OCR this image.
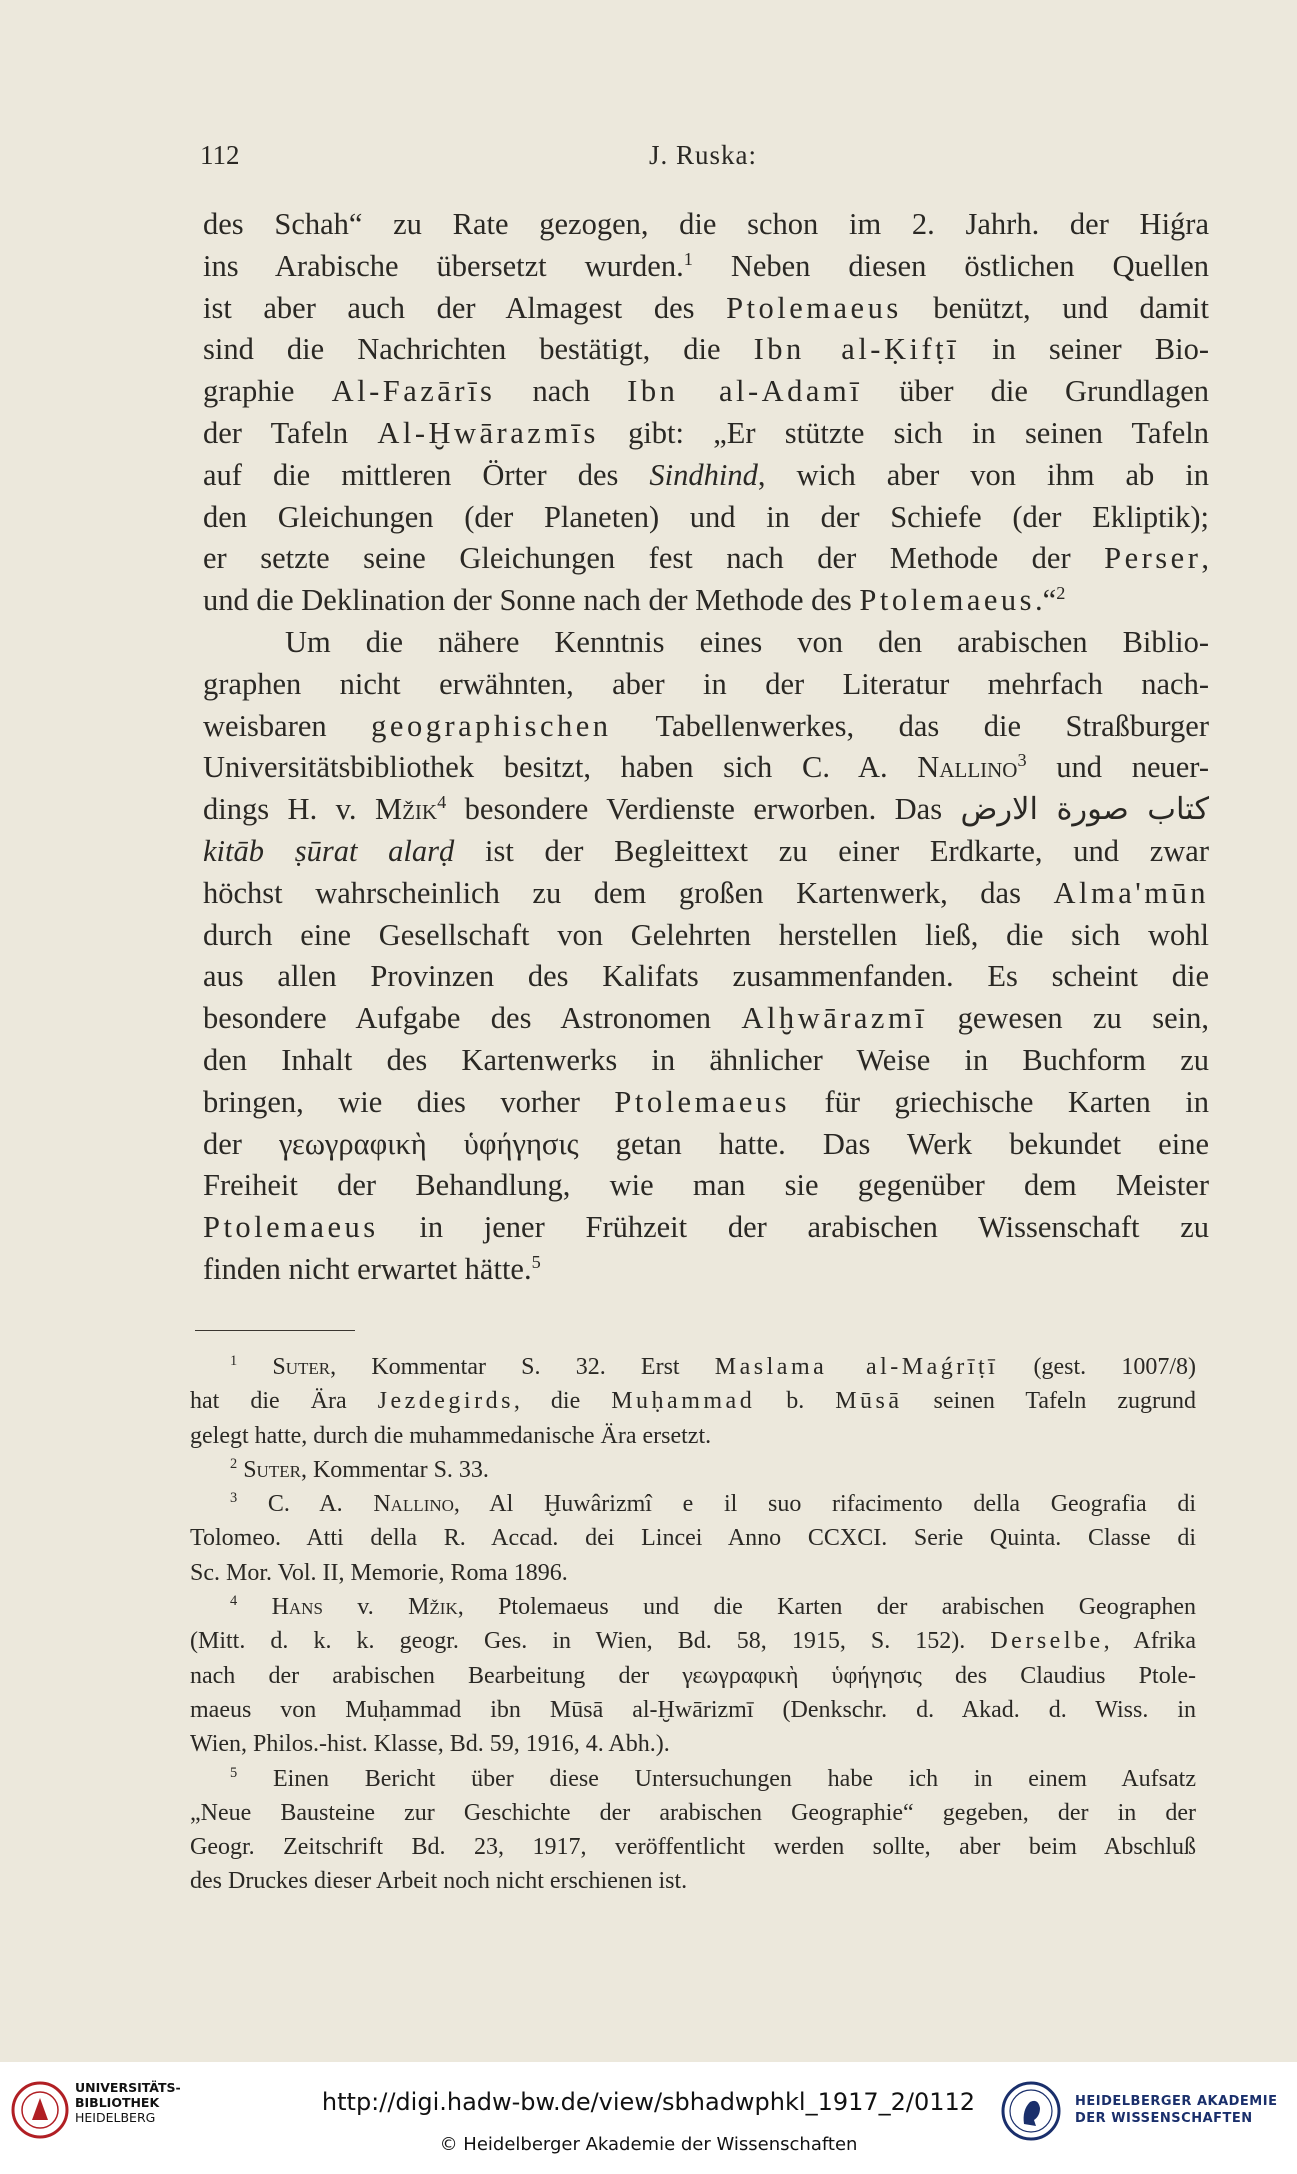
112	J. Ruska:

des Schah“ zu Rate gezogen, die schon im 2. Jahrh. der Hiǵra
ins Arabische übersetzt wurden.$^1$ Neben diesen östlichen Quellen
ist aber auch der Almagest des Ptolemaeus benützt, und damit
sind die Nachrichten bestätigt, die Ibn al-Ḳifṭī in seiner Bio-
graphie Al-Fazārīs nach Ibn al-Adamī über die Grundlagen
der Tafeln Al-Ḫwārazmīs gibt: „Er stützte sich in seinen Tafeln
auf die mittleren Örter des Sindhind, wich aber von ihm ab in
den Gleichungen (der Planeten) und in der Schiefe (der Ekliptik);
er setzte seine Gleichungen fest nach der Methode der Perser,
und die Deklination der Sonne nach der Methode des Ptolemaeus.“$^2$

Um die nähere Kenntnis eines von den arabischen Biblio-
graphen nicht erwähnten, aber in der Literatur mehrfach nach-
weisbaren geographischen Tabellenwerkes, das die Straßburger
Universitätsbibliothek besitzt, haben sich C. A. Nallino$^3$ und neuer-
dings H. v. Mžik$^4$ besondere Verdienste erworben. Das كتاب صورة الارض
kitāb ṣūrat alarḍ ist der Begleittext zu einer Erdkarte, und zwar
höchst wahrscheinlich zu dem großen Kartenwerk, das Alma'mūn
durch eine Gesellschaft von Gelehrten herstellen ließ, die sich wohl
aus allen Provinzen des Kalifats zusammenfanden. Es scheint die
besondere Aufgabe des Astronomen Alḫwārazmī gewesen zu sein,
den Inhalt des Kartenwerks in ähnlicher Weise in Buchform zu
bringen, wie dies vorher Ptolemaeus für griechische Karten in
der γεωγραφικὴ ὑφήγησις getan hatte. Das Werk bekundet eine
Freiheit der Behandlung, wie man sie gegenüber dem Meister
Ptolemaeus in jener Frühzeit der arabischen Wissenschaft zu
finden nicht erwartet hätte.$^5$

$^1$ Suter, Kommentar S. 32. Erst Maslama al-Maǵrīṭī (gest. 1007/8)
hat die Ära Jezdegirds, die Muḥammad b. Mūsā seinen Tafeln zugrund
gelegt hatte, durch die muhammedanische Ära ersetzt.

$^2$ Suter, Kommentar S. 33.

$^3$ C. A. Nallino, Al Ḫuwârizmî e il suo rifacimento della Geografia di
Tolomeo. Atti della R. Accad. dei Lincei Anno CCXCI. Serie Quinta. Classe di
Sc. Mor. Vol. II, Memorie, Roma 1896.

$^4$ Hans v. Mžik, Ptolemaeus und die Karten der arabischen Geographen
(Mitt. d. k. k. geogr. Ges. in Wien, Bd. 58, 1915, S. 152). Derselbe, Afrika
nach der arabischen Bearbeitung der γεωγραφικὴ ὑφήγησις des Claudius Ptole-
maeus von Muḥammad ibn Mūsā al-Ḫwārizmī (Denkschr. d. Akad. d. Wiss. in
Wien, Philos.-hist. Klasse, Bd. 59, 1916, 4. Abh.).

$^5$ Einen Bericht über diese Untersuchungen habe ich in einem Aufsatz
„Neue Bausteine zur Geschichte der arabischen Geographie“ gegeben, der in der
Geogr. Zeitschrift Bd. 23, 1917, veröffentlicht werden sollte, aber beim Abschluß
des Druckes dieser Arbeit noch nicht erschienen ist.

UNIVERSITÄTS-
BIBLIOTHEK
HEIDELBERG
http://digi.hadw-bw.de/view/sbhadwphkl_1917_2/0112
© Heidelberger Akademie der Wissenschaften
HEIDELBERGER AKADEMIE
DER WISSENSCHAFTEN
